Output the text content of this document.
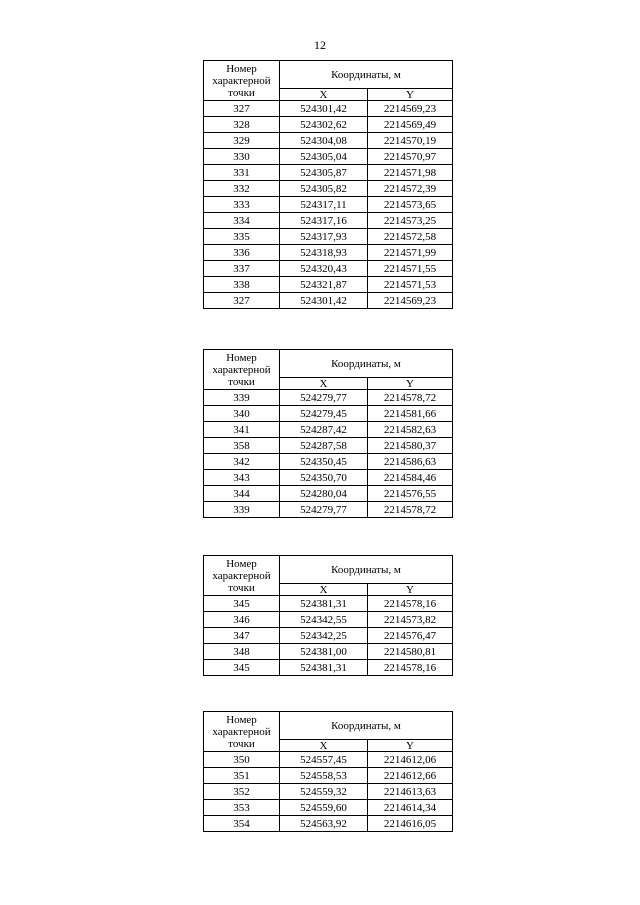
12
Номер характерной точки	Координаты, м	
	X	Y
327	524301,42	2214569,23
328	524302,62	2214569,49
329	524304,08	2214570,19
330	524305,04	2214570,97
331	524305,87	2214571,98
332	524305,82	2214572,39
333	524317,11	2214573,65
334	524317,16	2214573,25
335	524317,93	2214572,58
336	524318,93	2214571,99
337	524320,43	2214571,55
338	524321,87	2214571,53
327	524301,42	2214569,23
Номер характерной точки	Координаты, м	
	X	Y
339	524279,77	2214578,72
340	524279,45	2214581,66
341	524287,42	2214582,63
358	524287,58	2214580,37
342	524350,45	2214586,63
343	524350,70	2214584,46
344	524280,04	2214576,55
339	524279,77	2214578,72
Номер характерной точки	Координаты, м	
	X	Y
345	524381,31	2214578,16
346	524342,55	2214573,82
347	524342,25	2214576,47
348	524381,00	2214580,81
345	524381,31	2214578,16
Номер характерной точки	Координаты, м	
	X	Y
350	524557,45	2214612,06
351	524558,53	2214612,66
352	524559,32	2214613,63
353	524559,60	2214614,34
354	524563,92	2214616,05
